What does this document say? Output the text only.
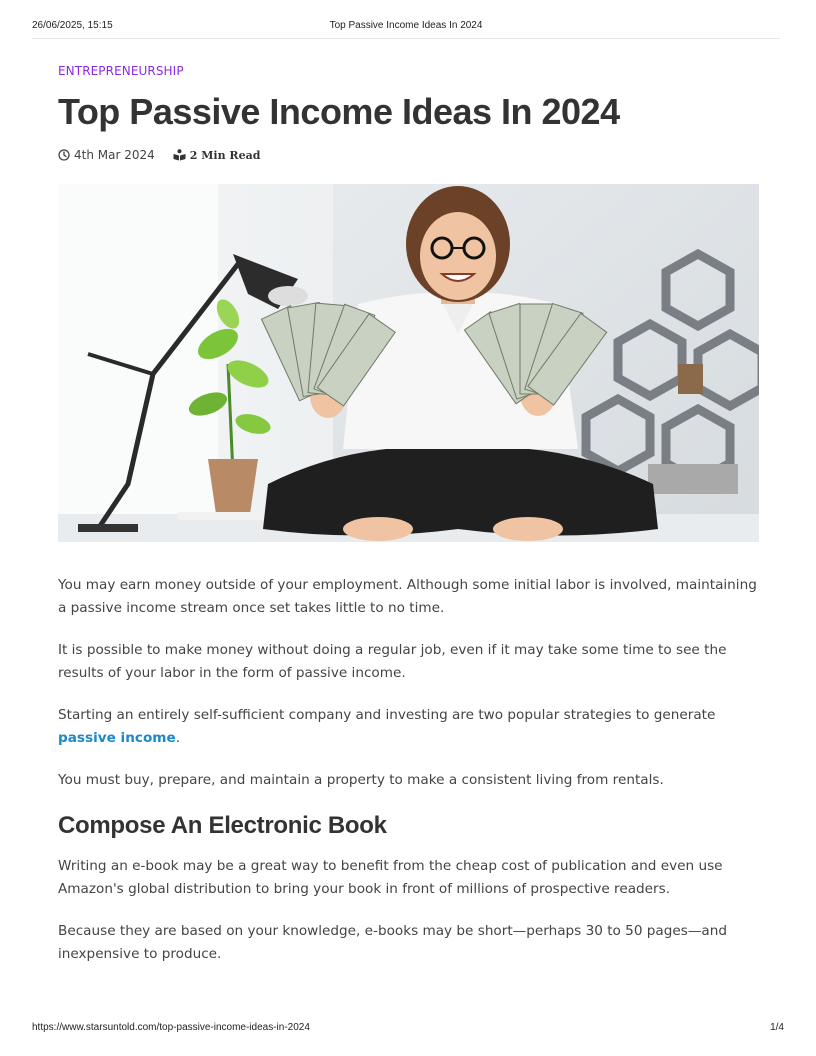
26/06/2025, 15:15	Top Passive Income Ideas In 2024

ENTREPRENEURSHIP

Top Passive Income Ideas In 2024
4th Mar 2024	2 Min Read

You may earn money outside of your employment. Although some initial labor is involved, maintaining a passive income stream once set takes little to no time.

It is possible to make money without doing a regular job, even if it may take some time to see the results of your labor in the form of passive income.

Starting an entirely self-sufficient company and investing are two popular strategies to generate passive income.

You must buy, prepare, and maintain a property to make a consistent living from rentals.

Compose An Electronic Book

Writing an e-book may be a great way to benefit from the cheap cost of publication and even use Amazon's global distribution to bring your book in front of millions of prospective readers.

Because they are based on your knowledge, e-books may be short—perhaps 30 to 50 pages—and inexpensive to produce.

https://www.starsuntold.com/top-passive-income-ideas-in-2024	1/4
